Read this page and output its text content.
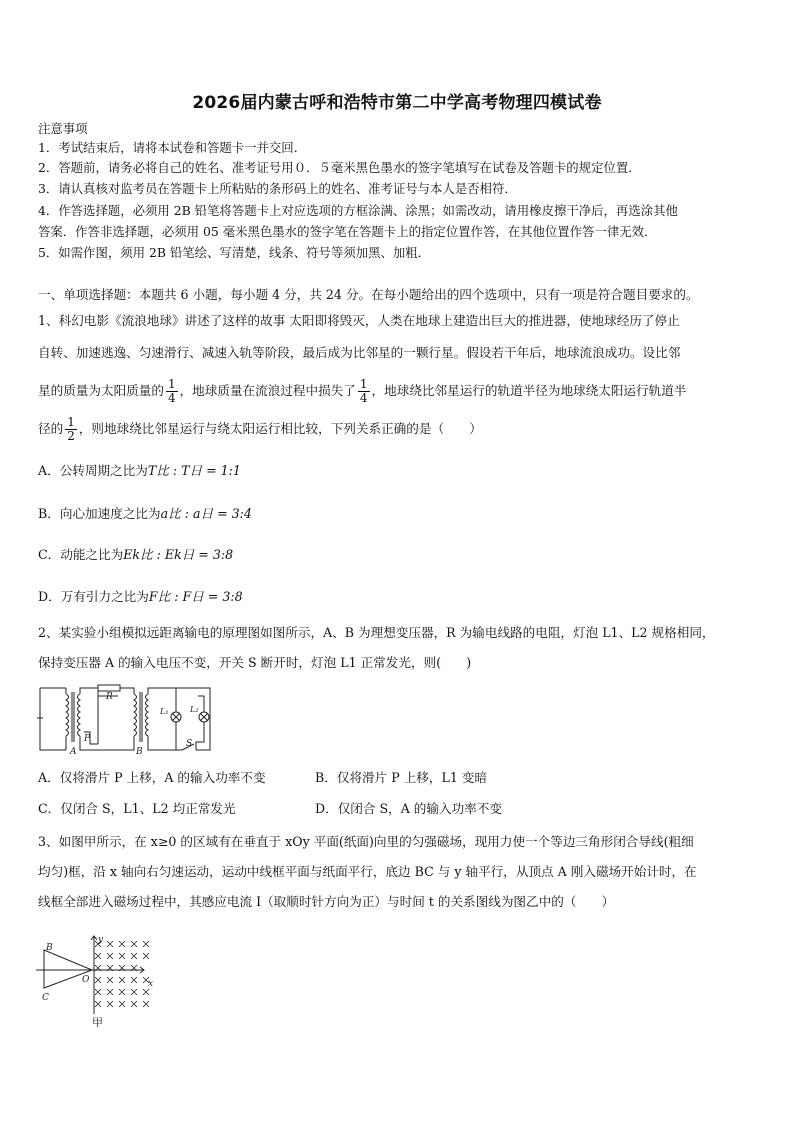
2026届内蒙古呼和浩特市第二中学高考物理四模试卷
注意事项
1．考试结束后，请将本试卷和答题卡一并交回．
2．答题前，请务必将自己的姓名、准考证号用０．５毫米黑色墨水的签字笔填写在试卷及答题卡的规定位置．
3．请认真核对监考员在答题卡上所粘贴的条形码上的姓名、准考证号与本人是否相符．
4．作答选择题，必须用 2B 铅笔将答题卡上对应选项的方框涂满、涂黑；如需改动，请用橡皮擦干净后，再选涂其他
答案．作答非选择题，必须用 05 毫米黑色墨水的签字笔在答题卡上的指定位置作答，在其他位置作答一律无效．
5．如需作图，须用 2B 铅笔绘、写清楚，线条、符号等须加黑、加粗．
一、单项选择题：本题共 6 小题，每小题 4 分，共 24 分。在每小题给出的四个选项中，只有一项是符合题目要求的。
1、科幻电影《流浪地球》讲述了这样的故事 太阳即将毁灭，人类在地球上建造出巨大的推进器，使地球经历了停止
自转、加速逃逸、匀速滑行、减速入轨等阶段，最后成为比邻星的一颗行星。假设若干年后，地球流浪成功。设比邻
星的质量为太阳质量的 $\frac{1}{4}$ ，地球质量在流浪过程中损失了 $\frac{1}{4}$ ，地球绕比邻星运行的轨道半径为地球绕太阳运行轨道半
径的 $\frac{1}{2}$ ，则地球绕比邻星运行与绕太阳运行相比较，下列关系正确的是（　　）
A．公转周期之比为T比 : T日 = 1:1
B．向心加速度之比为a比 : a日 = 3:4
C．动能之比为Ek比 : Ek日 = 3:8
D．万有引力之比为F比 : F日 = 3:8
2、某实验小组模拟远距离输电的原理图如图所示，A、B 为理想变压器，R 为输电线路的电阻，灯泡 L1、L2 规格相同，
保持变压器 A 的输入电压不变，开关 S 断开时，灯泡 L1 正常发光，则(　　)
R
A	B
P	S
L₁	L₂
A．仅将滑片 P 上移，A 的输入功率不变	B．仅将滑片 P 上移，L1 变暗
C．仅闭合 S，L1、L2 均正常发光	D．仅闭合 S，A 的输入功率不变
3、如图甲所示，在 x≥0 的区域有在垂直于 xOy 平面(纸面)向里的匀强磁场，现用力使一个等边三角形闭合导线(粗细
均匀)框，沿 x 轴向右匀速运动，运动中线框平面与纸面平行，底边 BC 与 y 轴平行，从顶点 A 刚入磁场开始计时，在
线框全部进入磁场过程中，其感应电流 I（取顺时针方向为正）与时间 t 的关系图线为图乙中的（　　）
B
C
O	x
y
甲
